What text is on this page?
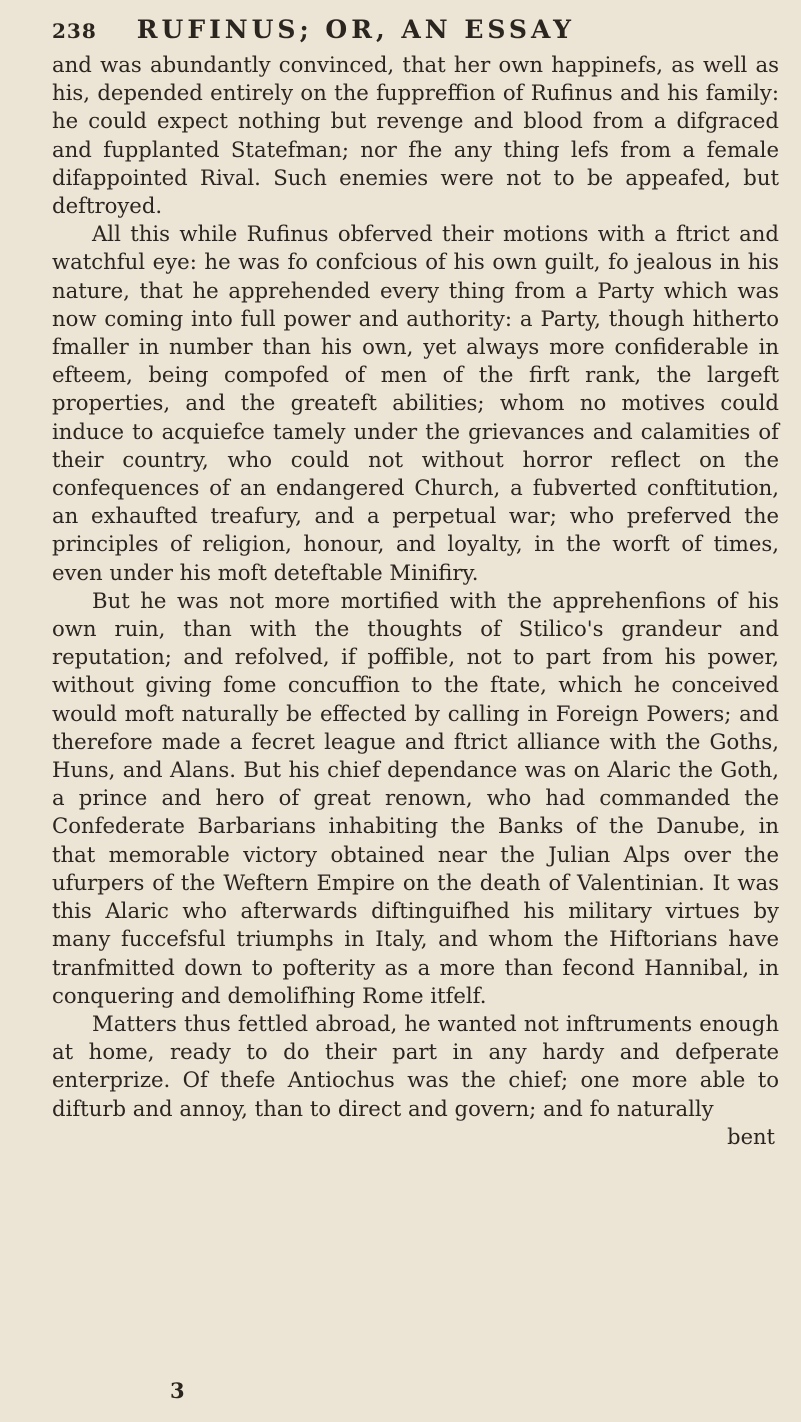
238 RUFINUS; OR, AN ESSAY

and was abundantly convinced, that her own happinefs, as well as his, depended entirely on the fuppreffion of Rufinus and his family: he could expect nothing but revenge and blood from a difgraced and fupplanted Statefman; nor fhe any thing lefs from a female difappointed Rival. Such enemies were not to be appeafed, but deftroyed.

All this while Rufinus obferved their motions with a ftrict and watchful eye: he was fo confcious of his own guilt, fo jealous in his nature, that he apprehended every thing from a Party which was now coming into full power and authority: a Party, though hitherto fmaller in number than his own, yet always more confiderable in efteem, being compofed of men of the firft rank, the largeft properties, and the greateft abilities; whom no motives could induce to acquiefce tamely under the grievances and calamities of their country, who could not without horror reflect on the confequences of an endangered Church, a fubverted conftitution, an exhaufted treafury, and a perpetual war; who preferved the principles of religion, honour, and loyalty, in the worft of times, even under his moft deteftable Minifiry.

But he was not more mortified with the apprehenfions of his own ruin, than with the thoughts of Stilico's grandeur and reputation; and refolved, if poffible, not to part from his power, without giving fome concuffion to the ftate, which he conceived would moft naturally be effected by calling in Foreign Powers; and therefore made a fecret league and ftrict alliance with the Goths, Huns, and Alans. But his chief dependance was on Alaric the Goth, a prince and hero of great renown, who had commanded the Confederate Barbarians inhabiting the Banks of the Danube, in that memorable victory obtained near the Julian Alps over the ufurpers of the Weftern Empire on the death of Valentinian. It was this Alaric who afterwards diftinguifhed his military virtues by many fuccefsful triumphs in Italy, and whom the Hiftorians have tranfmitted down to pofterity as a more than fecond Hannibal, in conquering and demolifhing Rome itfelf.

Matters thus fettled abroad, he wanted not inftruments enough at home, ready to do their part in any hardy and defperate enterprize. Of thefe Antiochus was the chief; one more able to difturb and annoy, than to direct and govern; and fo naturally

bent
3
